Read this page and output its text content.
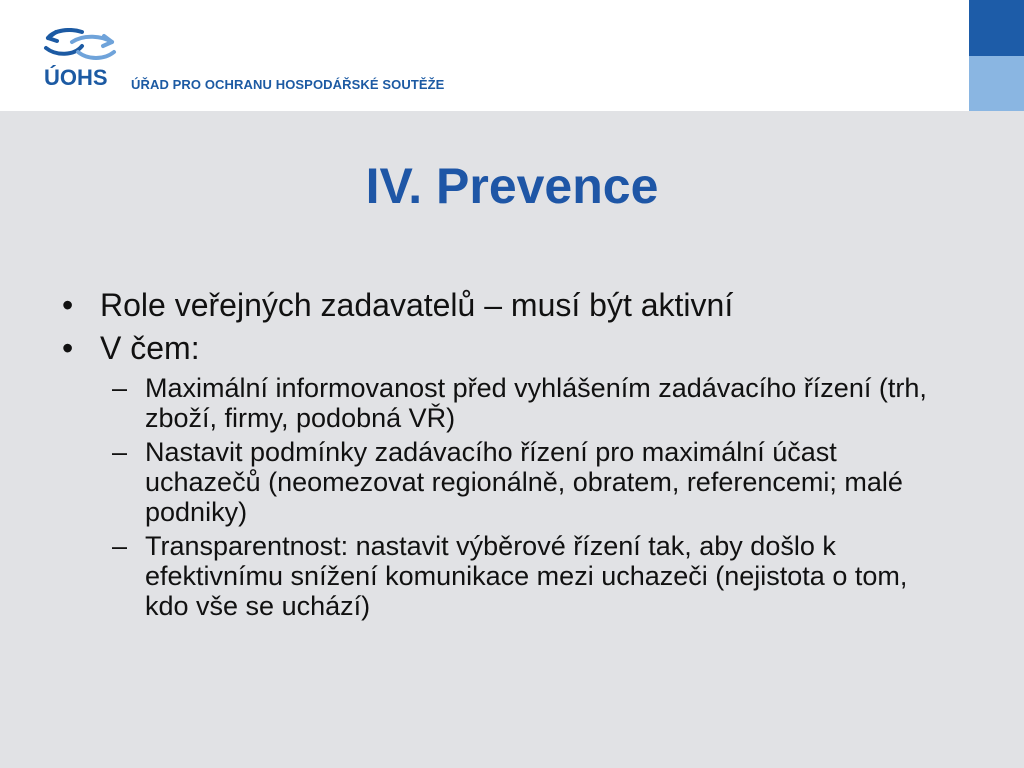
ÚOHS ÚŘAD PRO OCHRANU HOSPODÁŘSKÉ SOUTĚŽE
IV. Prevence
• Role veřejných zadavatelů – musí být aktivní
• V čem:
– Maximální informovanost před vyhlášením zadávacího řízení (trh, zboží, firmy, podobná VŘ)
– Nastavit podmínky zadávacího řízení pro maximální účast uchazečů (neomezovat regionálně, obratem, referencemi; malé podniky)
– Transparentnost: nastavit výběrové řízení tak, aby došlo k efektivnímu snížení komunikace mezi uchazeči (nejistota o tom, kdo vše se uchází)
